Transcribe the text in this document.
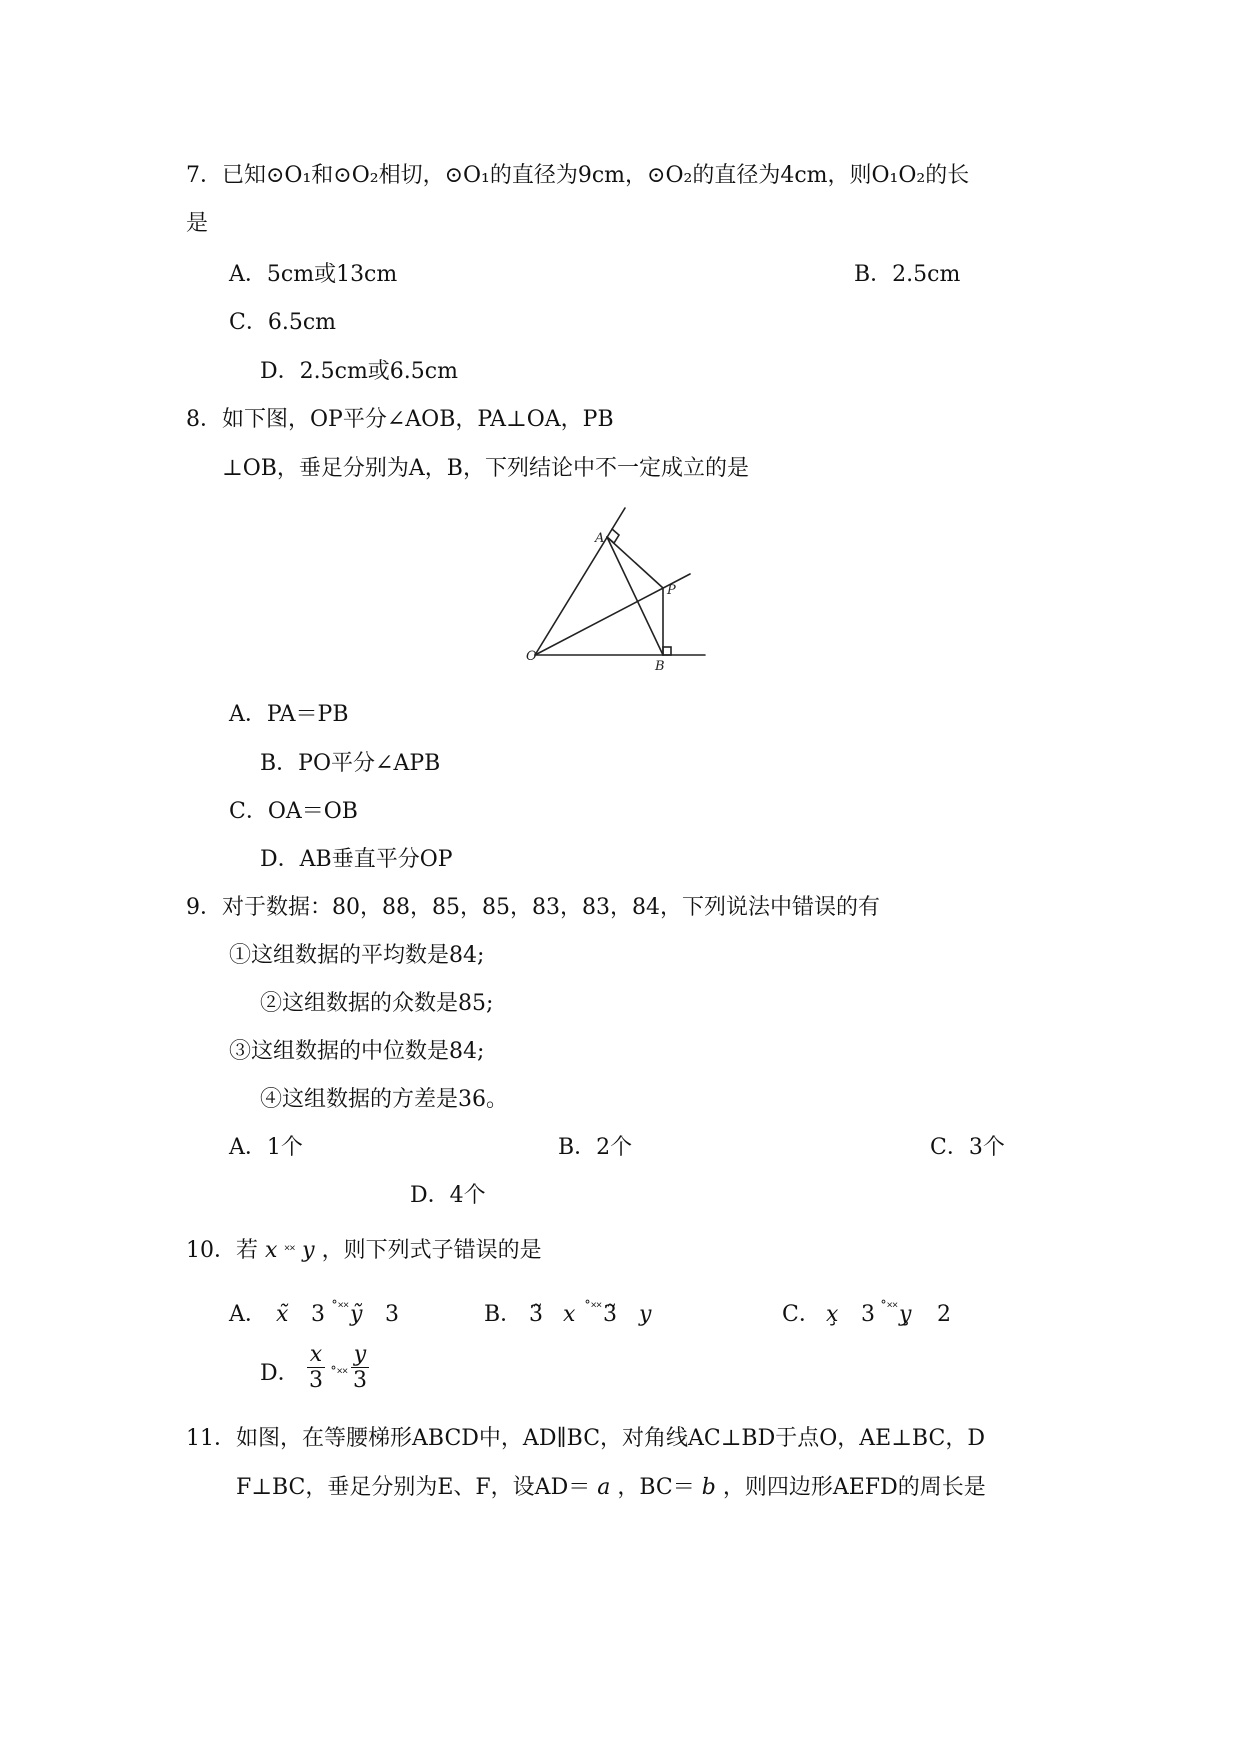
7．已知⊙O₁和⊙O₂相切，⊙O₁的直径为9cm，⊙O₂的直径为4cm，则O₁O₂的长
是
A．5cm或13cm	B．2.5cm
C．6.5cm
D．2.5cm或6.5cm
8．如下图，OP平分∠AOB，PA⊥OA，PB
⊥OB，垂足分别为A，B，下列结论中不一定成立的是
A
P
O
B
A．PA＝PB
B．PO平分∠APB
C．OA＝OB
D．AB垂直平分OP
9．对于数据：80，88，85，85，83，83，84，下列说法中错误的有
①这组数据的平均数是84;
②这组数据的众数是85;
③这组数据的中位数是84;
④这组数据的方差是36。
A．1个	B．2个	C．3个
D．4个
10．若 x ˟˟ y ，则下列式子错误的是
A． x̃ 3 ˚˟˟ ỹ 3	B． 3̃ x ˚˟˟ 3̃ y	C． x̧ 3 ˚˟˟ y̧ 2
D． $\frac{x}{3}$ ˚˟˟ $\frac{y}{3}$
11．如图，在等腰梯形ABCD中，AD∥BC，对角线AC⊥BD于点O，AE⊥BC，D
F⊥BC，垂足分别为E、F，设AD＝ a ，BC＝ b ，则四边形AEFD的周长是
